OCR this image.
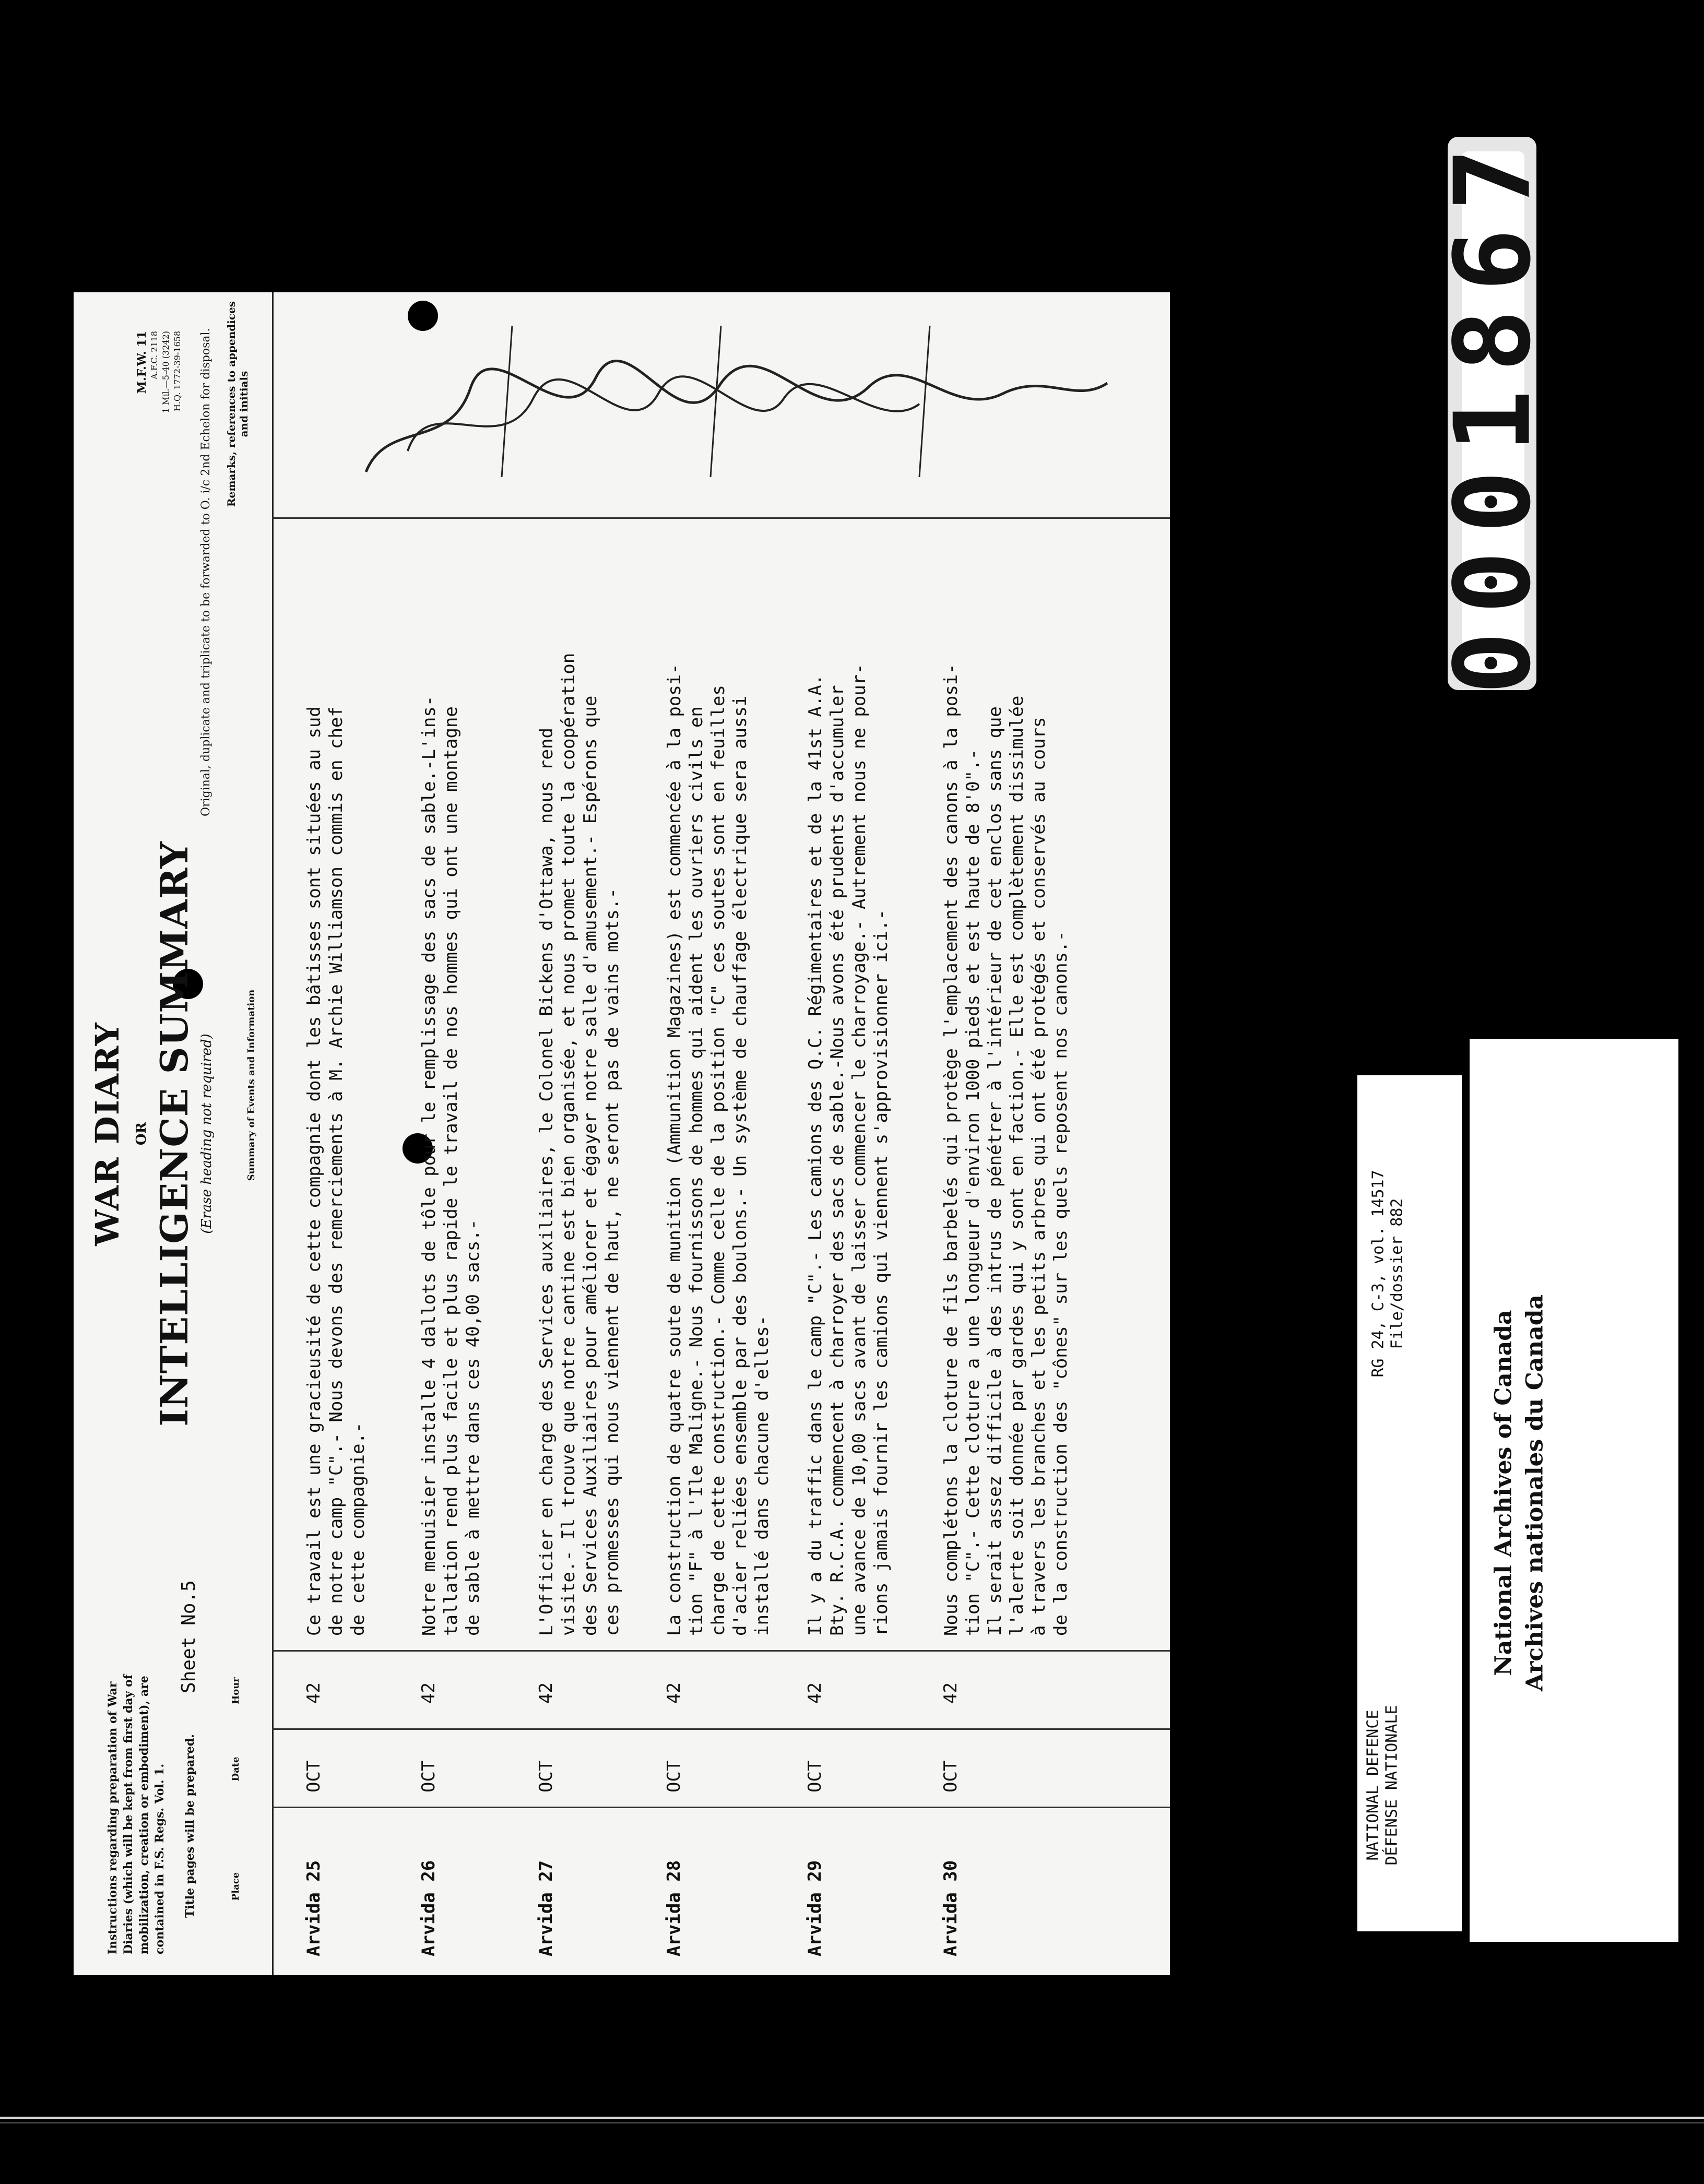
0001867
Instructions regarding preparation of War Diaries (which will be kept from first day of mobilization, creation or embodiment), are contained in F.S. Regs. Vol. 1. Title pages will be prepared.
Sheet No.5
WAR DIARY OR INTELLIGENCE SUMMARY (Erase heading not required)
M.F.W. 11 A.F.C. 2118 1 Mil.—5-40 (3242) H.Q. 1772-39-1658 Original, duplicate and triplicate to be forwarded to O. i/c 2nd Echelon for disposal.
Place
Date
Hour
Summary of Events and Information
Remarks, references to appendices and initials
Arvida 25
OCT
42
Ce travail est une gracieusité de cette compagnie dont les bâtisses sont situées au sud
de notre camp "C".- Nous devons des remerciements à M. Archie Williamson commis en chef
de cette compagnie.-
Arvida 26
OCT
42
Notre menuisier installe 4 dallots de tôle pour le remplissage des sacs de sable.-L'ins-
tallation rend plus facile et plus rapide le travail de nos hommes qui ont une montagne
de sable à mettre dans ces 40,00 sacs.-
Arvida 27
OCT
42
L'Officier en charge des Services auxiliaires, le Colonel Bickens d'Ottawa, nous rend
visite.- Il trouve que notre cantine est bien organisée, et nous promet toute la coopération
des Services Auxiliaires pour améliorer et égayer notre salle d'amusement.- Espérons que
ces promesses qui nous viennent de haut, ne seront pas de vains mots.-
Arvida 28
OCT
42
La construction de quatre soute de munition (Ammunition Magazines) est commencée à la posi-
tion "F" à l'Ile Maligne.- Nous fournissons de hommes qui aident les ouvriers civils en
charge de cette construction.- Comme celle de la position "C" ces soutes sont en feuilles
d'acier reliées ensemble par des boulons.- Un système de chauffage électrique sera aussi
installé dans chacune d'elles-
Arvida 29
OCT
42
Il y a du traffic dans le camp "C".- Les camions des Q.C. Régimentaires et de la 41st A.A.
Bty. R.C.A. commencent à charroyer des sacs de sable.-Nous avons été prudents d'accumuler
une avance de 10,00 sacs avant de laisser commencer le charroyage.- Autrement nous ne pour-
rions jamais fournir les camions qui viennent s'approvisionner ici.-
Arvida 30
OCT
42
Nous complétons la cloture de fils barbelés qui protège l'emplacement des canons à la posi-
tion "C".- Cette cloture a une longueur d'environ 1000 pieds et est haute de 8'0".-
Il serait assez difficile à des intrus de pénétrer à l'intérieur de cet enclos sans que
l'alerte soit donnée par gardes qui y sont en faction.- Elle est complètement dissimulée
à travers les branches et les petits arbres qui ont été protégés et conservés au cours
de la construction des "cônes" sur les quels reposent nos canons.-
NATIONAL DEFENCE DÉFENSE NATIONALE
RG 24, C-3, vol. 14517 File/dossier 882
National Archives of Canada Archives nationales du Canada
